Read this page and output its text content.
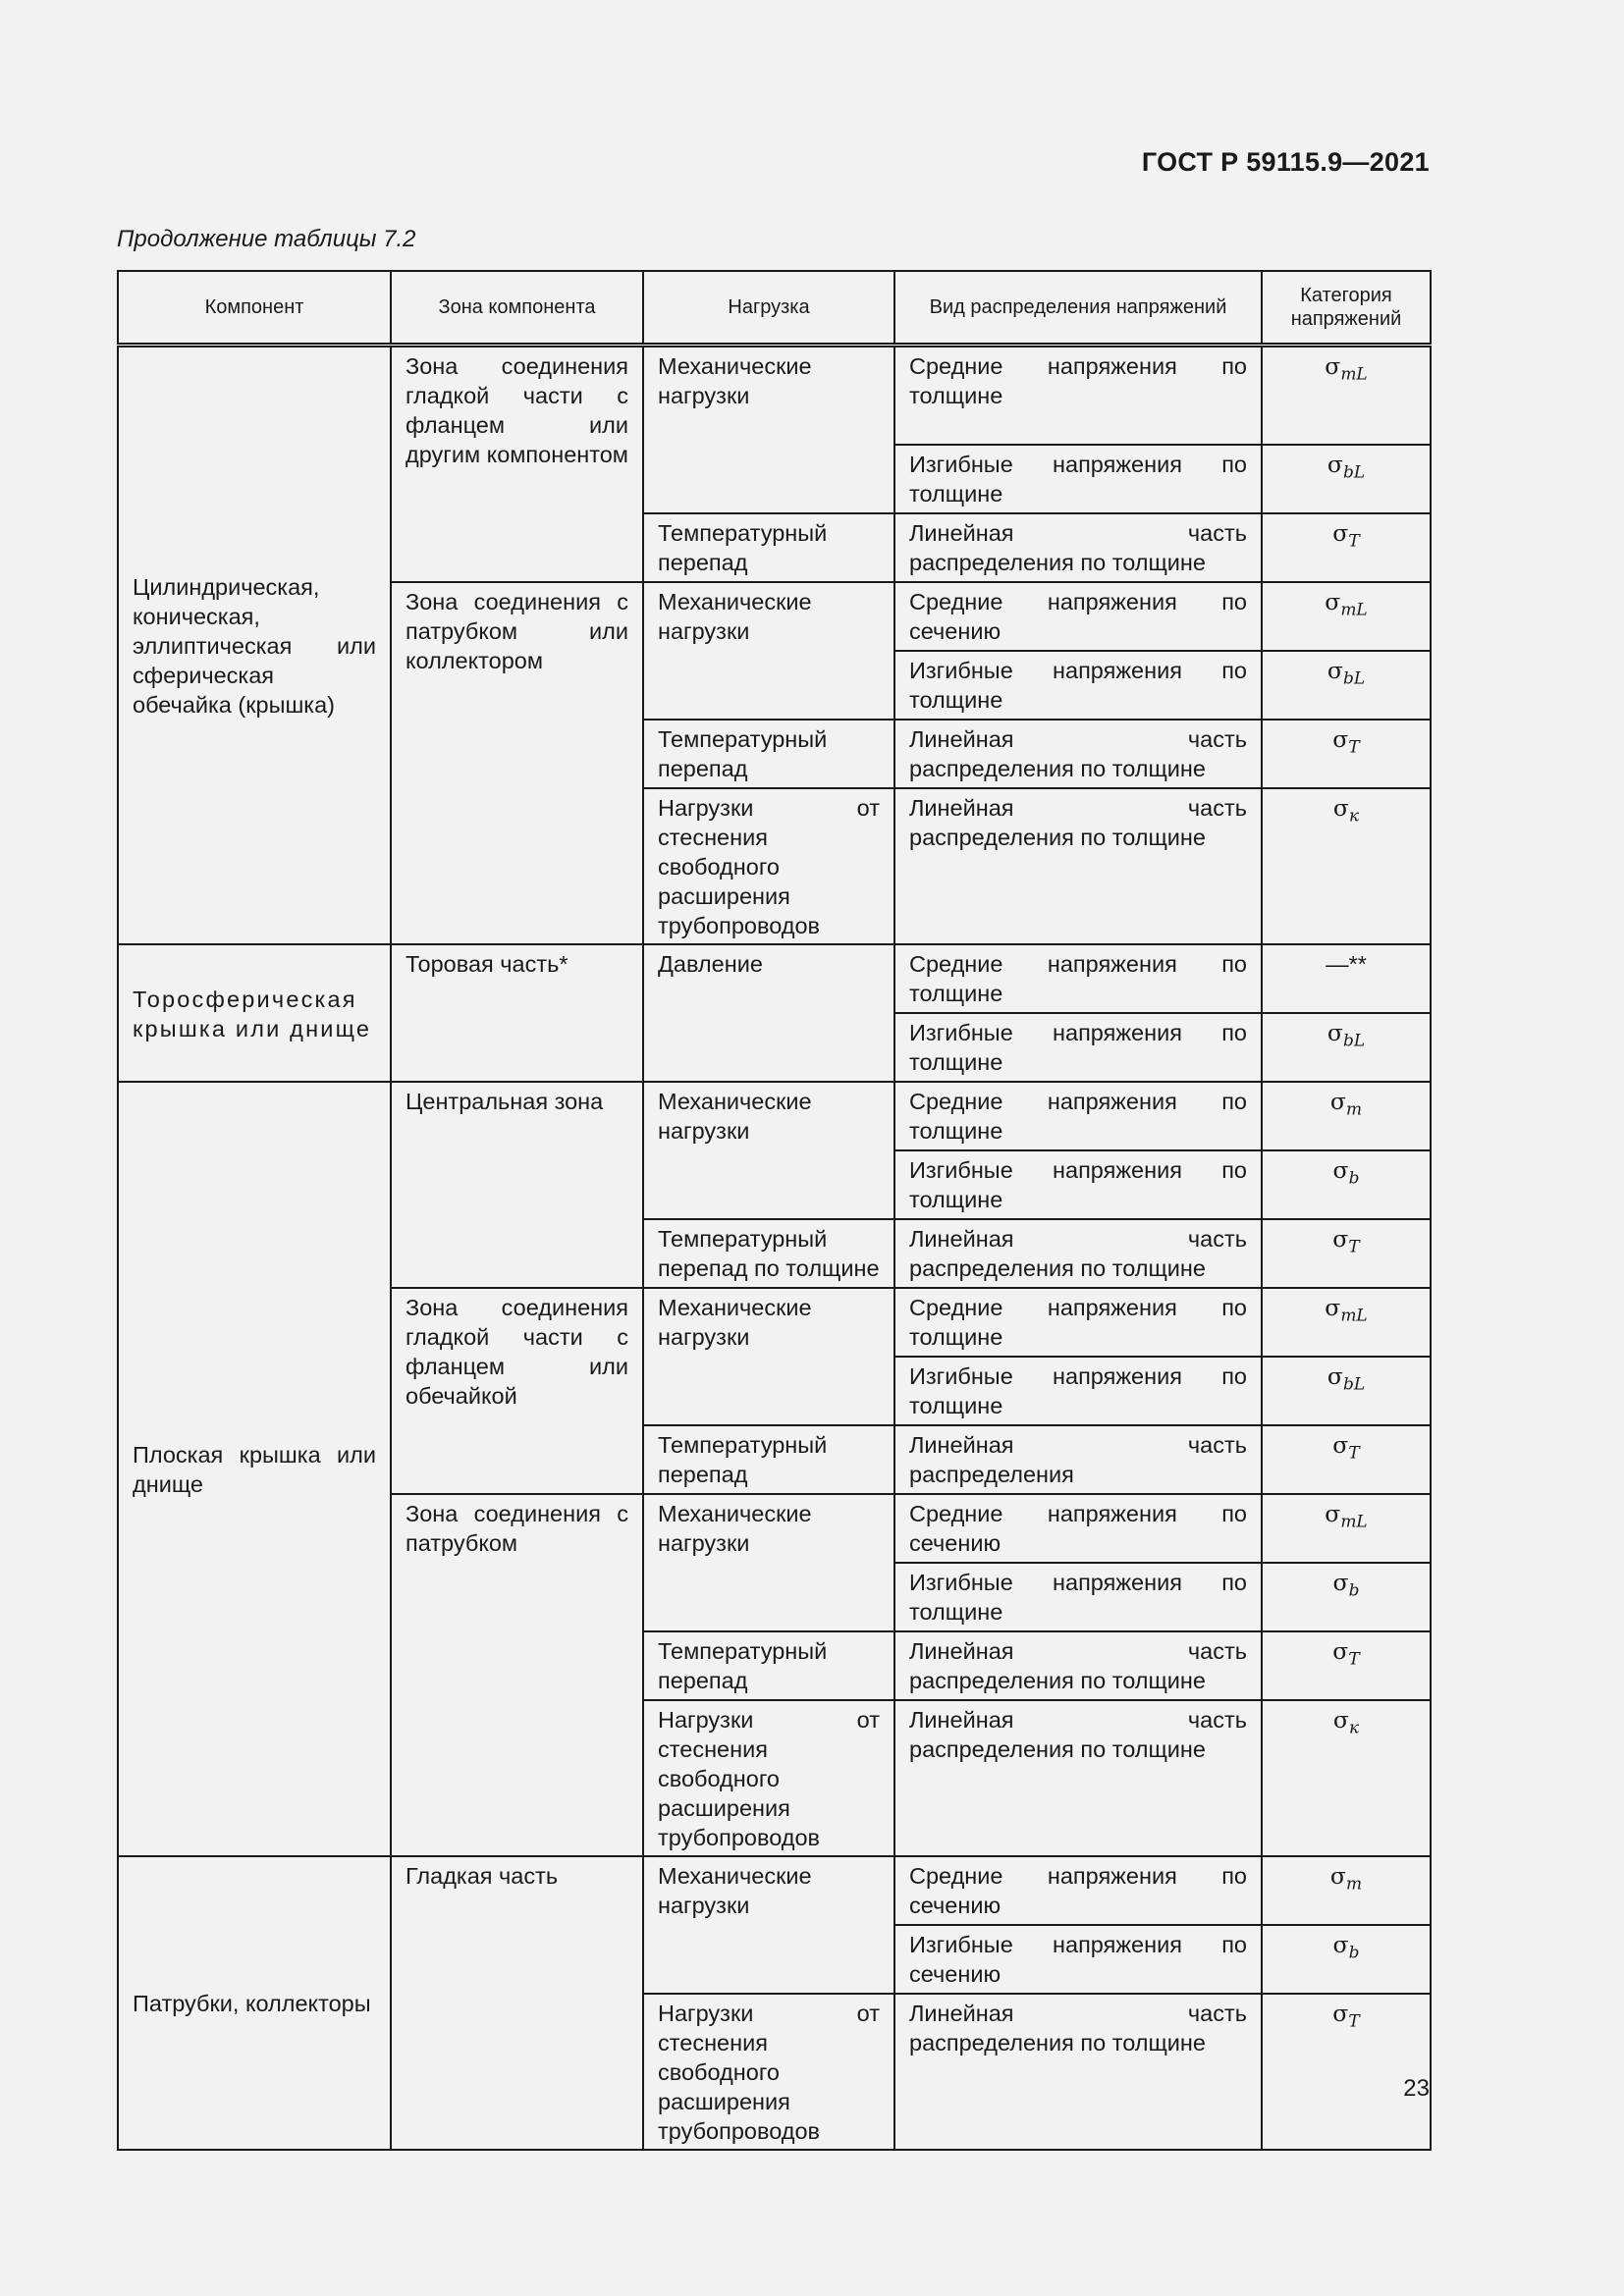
ГОСТ Р 59115.9—2021
Продолжение таблицы 7.2
Компонент	Зона компонента	Нагрузка	Вид распределения напряжений	Категория напряжений
Цилиндрическая, коническая, эллиптическая или сферическая обечайка (крышка)	Зона соединения гладкой части с фланцем или другим компонентом	Механические нагрузки	Средние напряжения по толщине	$\sigma_{mL}$
			Изгибные напряжения по толщине	$\sigma_{bL}$
		Температурный перепад	Линейная часть распределения по толщине	$\sigma_T$
	Зона соединения с патрубком или коллектором	Механические нагрузки	Средние напряжения по сечению	$\sigma_{mL}$
			Изгибные напряжения по толщине	$\sigma_{bL}$
		Температурный перепад	Линейная часть распределения по толщине	$\sigma_T$
		Нагрузки от стеснения свободного расширения трубопроводов	Линейная часть распределения по толщине	$\sigma_к$
Торосферическая крышка или днище	Торовая часть*	Давление	Средние напряжения по толщине	—**
			Изгибные напряжения по толщине	$\sigma_{bL}$
Плоская крышка или днище	Центральная зона	Механические нагрузки	Средние напряжения по толщине	$\sigma_m$
			Изгибные напряжения по толщине	$\sigma_b$
		Температурный перепад по толщине	Линейная часть распределения по толщине	$\sigma_T$
	Зона соединения гладкой части с фланцем или обечайкой	Механические нагрузки	Средние напряжения по толщине	$\sigma_{mL}$
			Изгибные напряжения по толщине	$\sigma_{bL}$
		Температурный перепад	Линейная часть распределения	$\sigma_T$
	Зона соединения с патрубком	Механические нагрузки	Средние напряжения по сечению	$\sigma_{mL}$
			Изгибные напряжения по толщине	$\sigma_b$
		Температурный перепад	Линейная часть распределения по толщине	$\sigma_T$
		Нагрузки от стеснения свободного расширения трубопроводов	Линейная часть распределения по толщине	$\sigma_к$
Патрубки, коллекторы	Гладкая часть	Механические нагрузки	Средние напряжения по сечению	$\sigma_m$
			Изгибные напряжения по сечению	$\sigma_b$
		Нагрузки от стеснения свободного расширения трубопроводов	Линейная часть распределения по толщине	$\sigma_T$
23
